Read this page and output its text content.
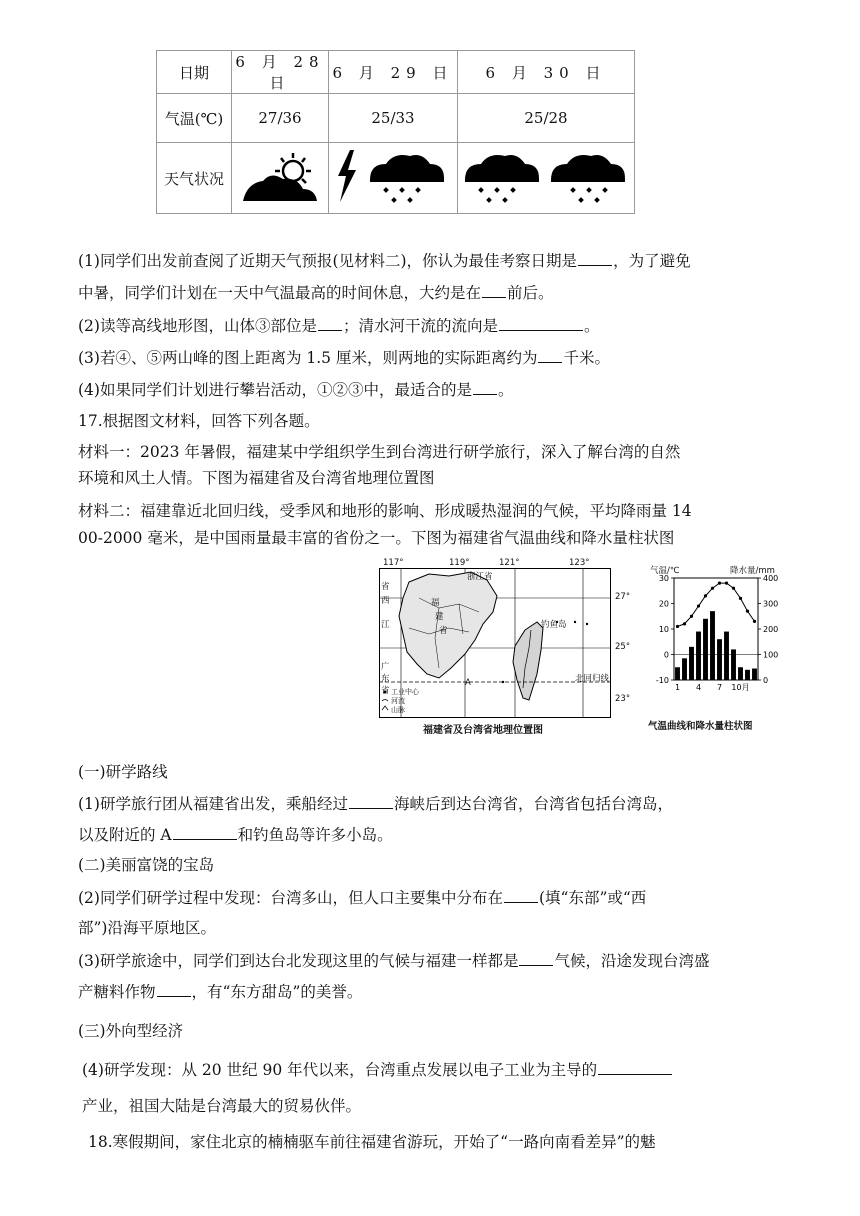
日期	6 月 28 日	6 月 29 日	6 月 30 日
气温(℃)	27/36	25/33	25/28
天气状况			
(1)同学们出发前查阅了近期天气预报(见材料二)，你认为最佳考察日期是 ，为了避免
中暑，同学们计划在一天中气温最高的时间休息，大约是在 前后。
(2)读等高线地形图，山体③部位是 ；清水河干流的流向是	。
(3)若④、⑤两山峰的图上距离为 1.5 厘米，则两地的实际距离约为 千米。
(4)如果同学们计划进行攀岩活动，①②③中，最适合的是 。
17.根据图文材料，回答下列各题。
材料一：2023 年暑假，福建某中学组织学生到台湾进行研学旅行，深入了解台湾的自然
环境和风土人情。下图为福建省及台湾省地理位置图
材料二：福建靠近北回归线，受季风和地形的影响、形成暖热湿润的气候，平均降雨量 14
00-2000 毫米，是中国雨量最丰富的省份之一。下图为福建省气温曲线和降水量柱状图
117°	119°	121°	123°
省
西
江
广
东
省
浙江省
福
建
省
钓鱼岛
A	北回归线
27°
25°
23°
工业中心
河流
山脉
福建省及台湾省地理位置图
气温/℃	降水量/mm
-10
0
10
20
30
0
100
200
300
400
1 4 7 10月
气温曲线和降水量柱状图
(一)研学路线
(1)研学旅行团从福建省出发，乘船经过	海峡后到达台湾省，台湾省包括台湾岛，
以及附近的 A	和钓鱼岛等许多小岛。
(二)美丽富饶的宝岛
(2)同学们研学过程中发现：台湾多山，但人口主要集中分布在 (填“东部”或“西
部”)沿海平原地区。
(3)研学旅途中，同学们到达台北发现这里的气候与福建一样都是 气候，沿途发现台湾盛
产糖料作物 ，有“东方甜岛”的美誉。
(三)外向型经济
(4)研学发现：从 20 世纪 90 年代以来，台湾重点发展以电子工业为主导的
产业，祖国大陆是台湾最大的贸易伙伴。
18.寒假期间，家住北京的楠楠驱车前往福建省游玩，开始了“一路向南看差异”的魅
